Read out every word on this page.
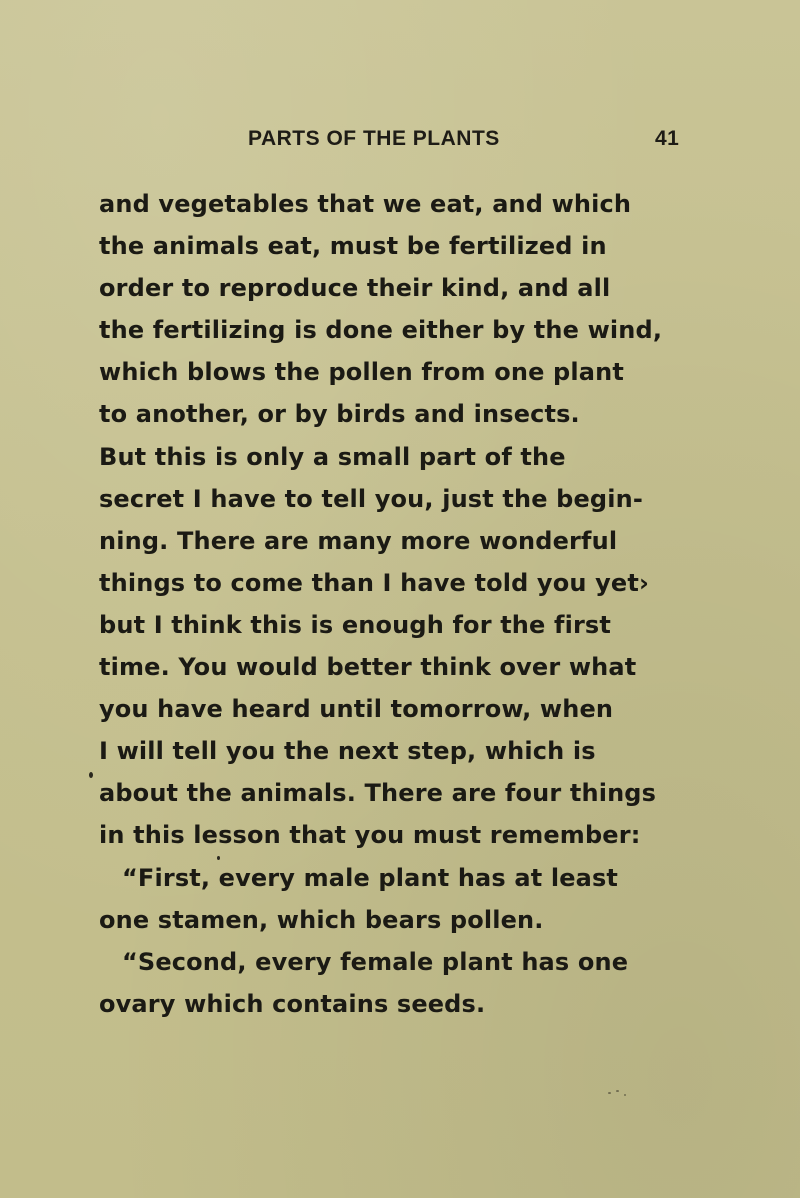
PARTS OF THE PLANTS	41
and vegetables that we eat, and which
the animals eat, must be fertilized in
order to reproduce their kind, and all
the fertilizing is done either by the wind,
which blows the pollen from one plant
to another, or by birds and insects.
But this is only a small part of the
secret I have to tell you, just the begin-
ning. There are many more wonderful
things to come than I have told you yet›
but I think this is enough for the first
time. You would better think over what
you have heard until tomorrow, when
I will tell you the next step, which is
about the animals. There are four things
in this lesson that you must remember:
“First, every male plant has at least
one stamen, which bears pollen.
“Second, every female plant has one
ovary which contains seeds.
